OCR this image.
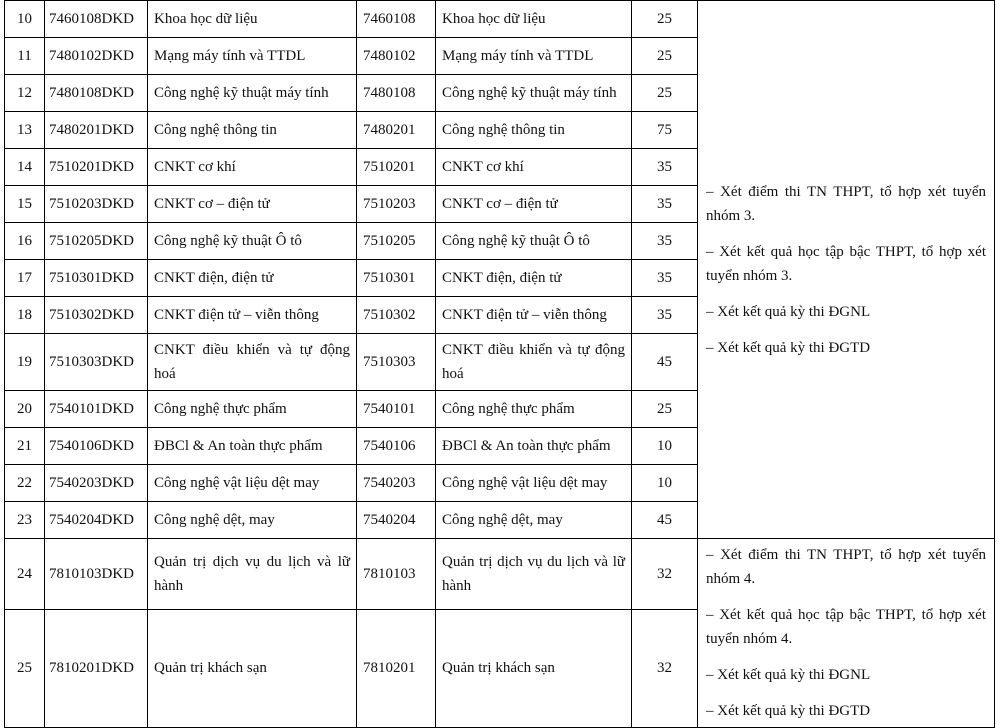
10	7460108DKD	Khoa học dữ liệu	7460108	Khoa học dữ liệu	25	– Xét điểm thi TN THPT, tổ hợp xét tuyển nhóm 3.
– Xét kết quả học tập bậc THPT, tổ hợp xét tuyển nhóm 3.
– Xét kết quả kỳ thi ĐGNL
– Xét kết quả kỳ thi ĐGTD

11	7480102DKD	Mạng máy tính và TTDL	7480102	Mạng máy tính và TTDL	25	
12	7480108DKD	Công nghệ kỹ thuật máy tính	7480108	Công nghệ kỹ thuật máy tính	25	
13	7480201DKD	Công nghệ thông tin	7480201	Công nghệ thông tin	75	
14	7510201DKD	CNKT cơ khí	7510201	CNKT cơ khí	35	
15	7510203DKD	CNKT cơ – điện tử	7510203	CNKT cơ – điện tử	35	
16	7510205DKD	Công nghệ kỹ thuật Ô tô	7510205	Công nghệ kỹ thuật Ô tô	35	
17	7510301DKD	CNKT điện, điện tử	7510301	CNKT điện, điện tử	35	
18	7510302DKD	CNKT điện tử – viễn thông	7510302	CNKT điện tử – viễn thông	35	
19	7510303DKD	CNKT điều khiển và tự động hoá	7510303	CNKT điều khiển và tự động hoá	45	
20	7540101DKD	Công nghệ thực phẩm	7540101	Công nghệ thực phẩm	25	
21	7540106DKD	ĐBCl & An toàn thực phẩm	7540106	ĐBCl & An toàn thực phẩm	10	
22	7540203DKD	Công nghệ vật liệu dệt may	7540203	Công nghệ vật liệu dệt may	10	
23	7540204DKD	Công nghệ dệt, may	7540204	Công nghệ dệt, may	45	
24	7810103DKD	Quản trị dịch vụ du lịch và lữ hành	7810103	Quản trị dịch vụ du lịch và lữ hành	32	– Xét điểm thi TN THPT, tổ hợp xét tuyển nhóm 4.
– Xét kết quả học tập bậc THPT, tổ hợp xét tuyển nhóm 4.
– Xét kết quả kỳ thi ĐGNL
– Xét kết quả kỳ thi ĐGTD

25	7810201DKD	Quản trị khách sạn	7810201	Quản trị khách sạn	32	
